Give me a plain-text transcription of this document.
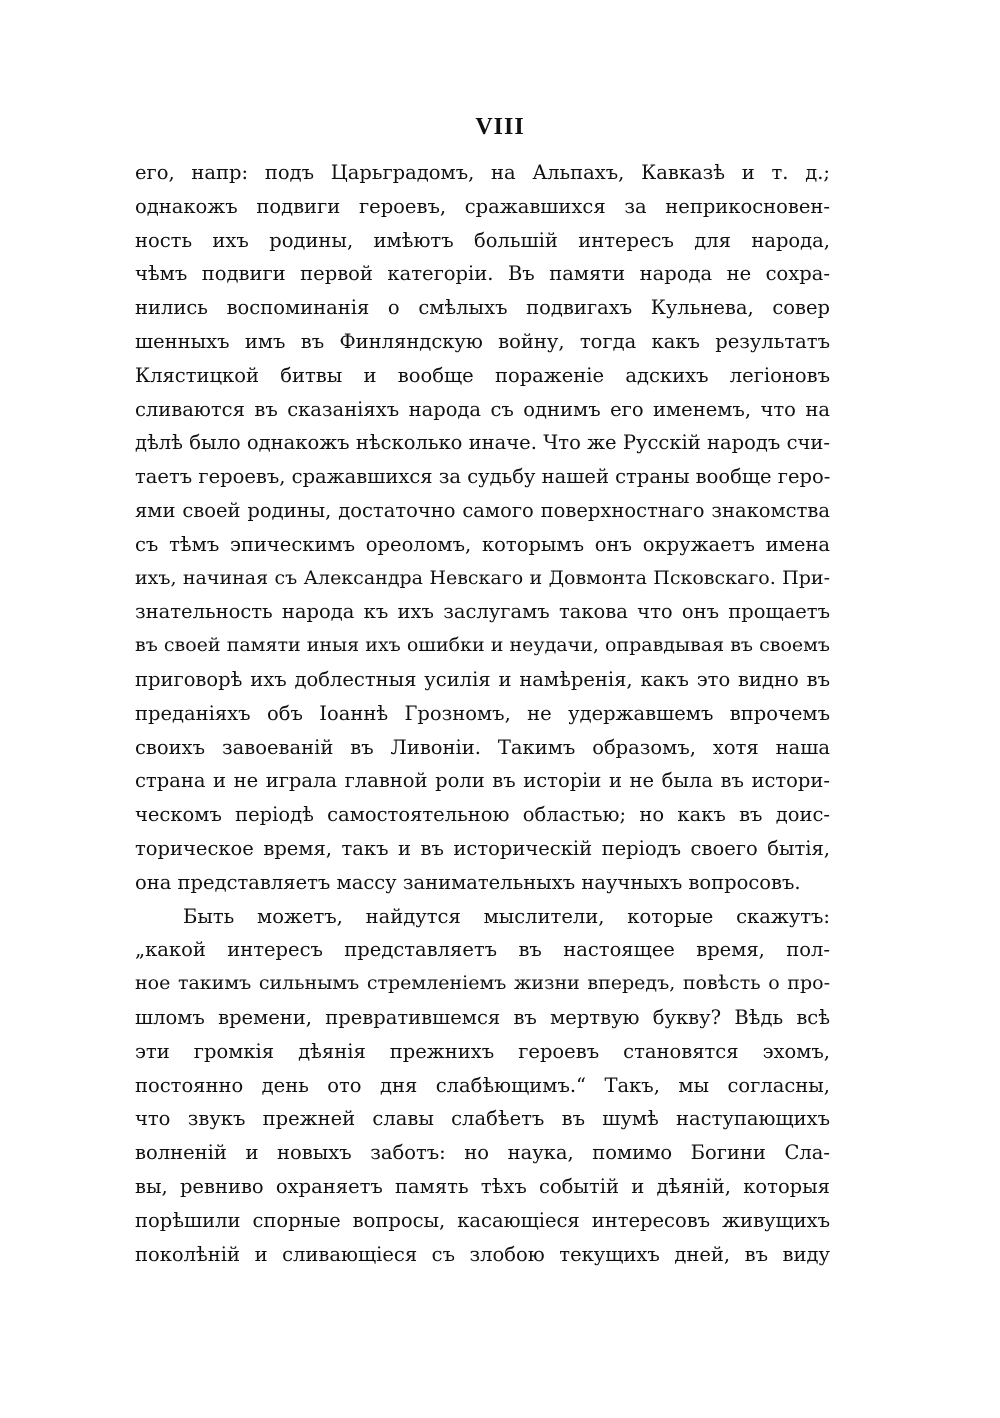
VIII
его, напр: подъ Царьградомъ, на Альпахъ, Кавказѣ и т. д.;
однакожъ подвиги героевъ, сражавшихся за неприкосновен-
ность ихъ родины, имѣютъ большій интересъ для народа,
чѣмъ подвиги первой категоріи. Въ памяти народа не сохра-
нились воспоминанія о смѣлыхъ подвигахъ Кульнева, совер
шенныхъ имъ въ Финляндскую войну, тогда какъ результатъ
Клястицкой битвы и вообще пораженіе адскихъ легіоновъ
сливаются въ сказаніяхъ народа съ однимъ его именемъ, что на
дѣлѣ было однакожъ нѣсколько иначе. Что же Русскій народъ счи-
таетъ героевъ, сражавшихся за судьбу нашей страны вообще геро-
ями своей родины, достаточно самого поверхностнаго знакомства
съ тѣмъ эпическимъ ореоломъ, которымъ онъ окружаетъ имена
ихъ, начиная съ Александра Невскаго и Довмонта Псковскаго. При-
знательность народа къ ихъ заслугамъ такова что онъ прощаетъ
въ своей памяти иныя ихъ ошибки и неудачи, оправдывая въ своемъ
приговорѣ ихъ доблестныя усилія и намѣренія, какъ это видно въ
преданіяхъ объ Іоаннѣ Грозномъ, не удержавшемъ впрочемъ
своихъ завоеваній въ Ливоніи. Такимъ образомъ, хотя наша
страна и не играла главной роли въ исторіи и не была въ истори-
ческомъ періодѣ самостоятельною областью; но какъ въ доис-
торическое время, такъ и въ историческій періодъ своего бытія,
она представляетъ массу занимательныхъ научныхъ вопросовъ.
Быть можетъ, найдутся мыслители, которые скажутъ:
„какой интересъ представляетъ въ настоящее время, пол-
ное такимъ сильнымъ стремленіемъ жизни впередъ, повѣсть о про-
шломъ времени, превратившемся въ мертвую букву? Вѣдь всѣ
эти громкія дѣянія прежнихъ героевъ становятся эхомъ,
постоянно день ото дня слабѣющимъ.“ Такъ, мы согласны,
что звукъ прежней славы слабѣетъ въ шумѣ наступающихъ
волненій и новыхъ заботъ: но наука, помимо Богини Сла-
вы, ревниво охраняетъ память тѣхъ событій и дѣяній, которыя
порѣшили спорные вопросы, касающіеся интересовъ живущихъ
поколѣній и сливающіеся съ злобою текущихъ дней, въ виду
